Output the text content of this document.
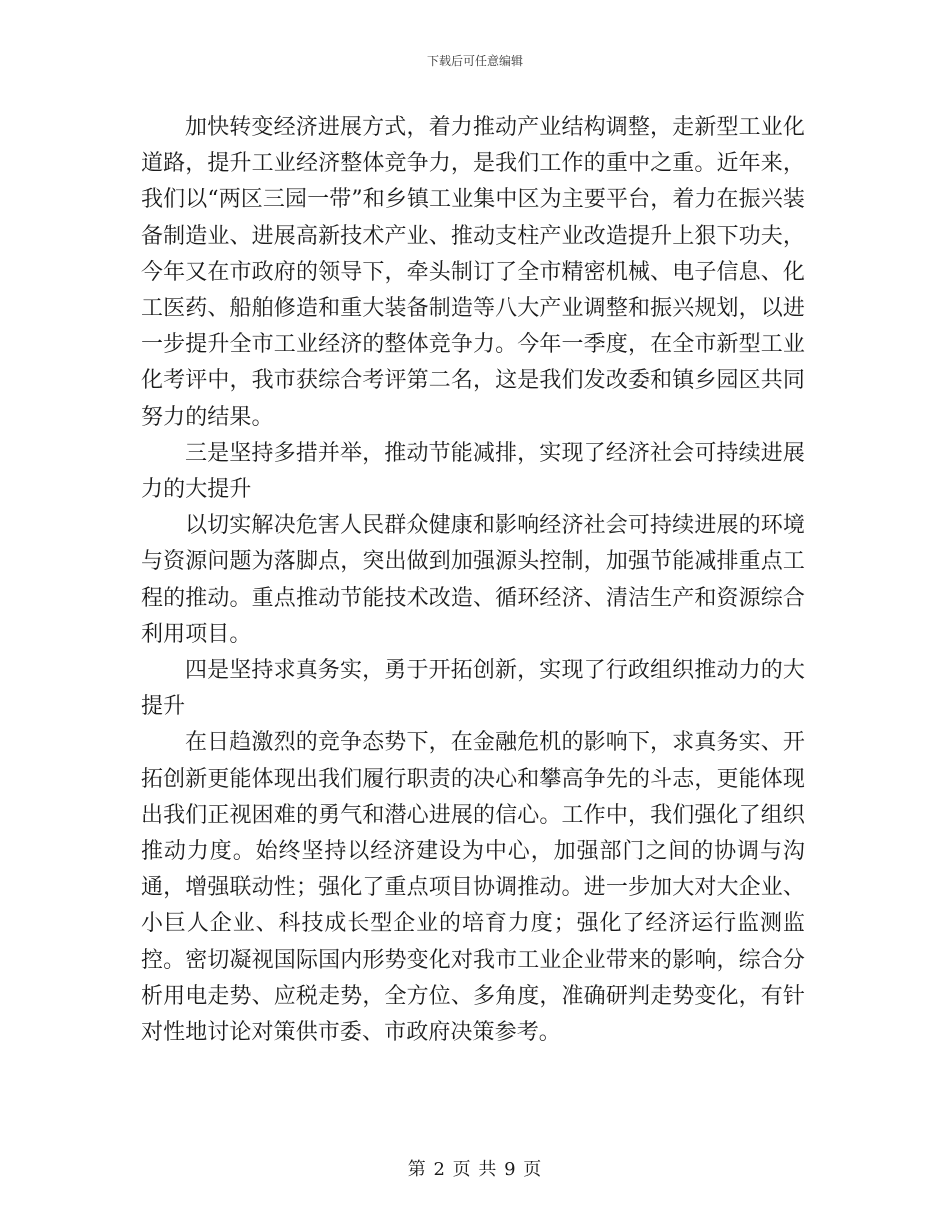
下载后可任意编辑

加快转变经济进展方式，着力推动产业结构调整，走新型工业化道路，提升工业经济整体竞争力，是我们工作的重中之重。近年来，我们以“两区三园一带”和乡镇工业集中区为主要平台，着力在振兴装备制造业、进展高新技术产业、推动支柱产业改造提升上狠下功夫，今年又在市政府的领导下，牵头制订了全市精密机械、电子信息、化工医药、船舶修造和重大装备制造等八大产业调整和振兴规划，以进一步提升全市工业经济的整体竞争力。今年一季度，在全市新型工业化考评中，我市获综合考评第二名，这是我们发改委和镇乡园区共同努力的结果。

三是坚持多措并举，推动节能减排，实现了经济社会可持续进展力的大提升

以切实解决危害人民群众健康和影响经济社会可持续进展的环境与资源问题为落脚点，突出做到加强源头控制，加强节能减排重点工程的推动。重点推动节能技术改造、循环经济、清洁生产和资源综合利用项目。

四是坚持求真务实，勇于开拓创新，实现了行政组织推动力的大提升

在日趋激烈的竞争态势下，在金融危机的影响下，求真务实、开拓创新更能体现出我们履行职责的决心和攀高争先的斗志，更能体现出我们正视困难的勇气和潜心进展的信心。工作中，我们强化了组织推动力度。始终坚持以经济建设为中心，加强部门之间的协调与沟通，增强联动性；强化了重点项目协调推动。进一步加大对大企业、小巨人企业、科技成长型企业的培育力度；强化了经济运行监测监控。密切凝视国际国内形势变化对我市工业企业带来的影响，综合分析用电走势、应税走势，全方位、多角度，准确研判走势变化，有针对性地讨论对策供市委、市政府决策参考。

第 2 页 共 9 页
